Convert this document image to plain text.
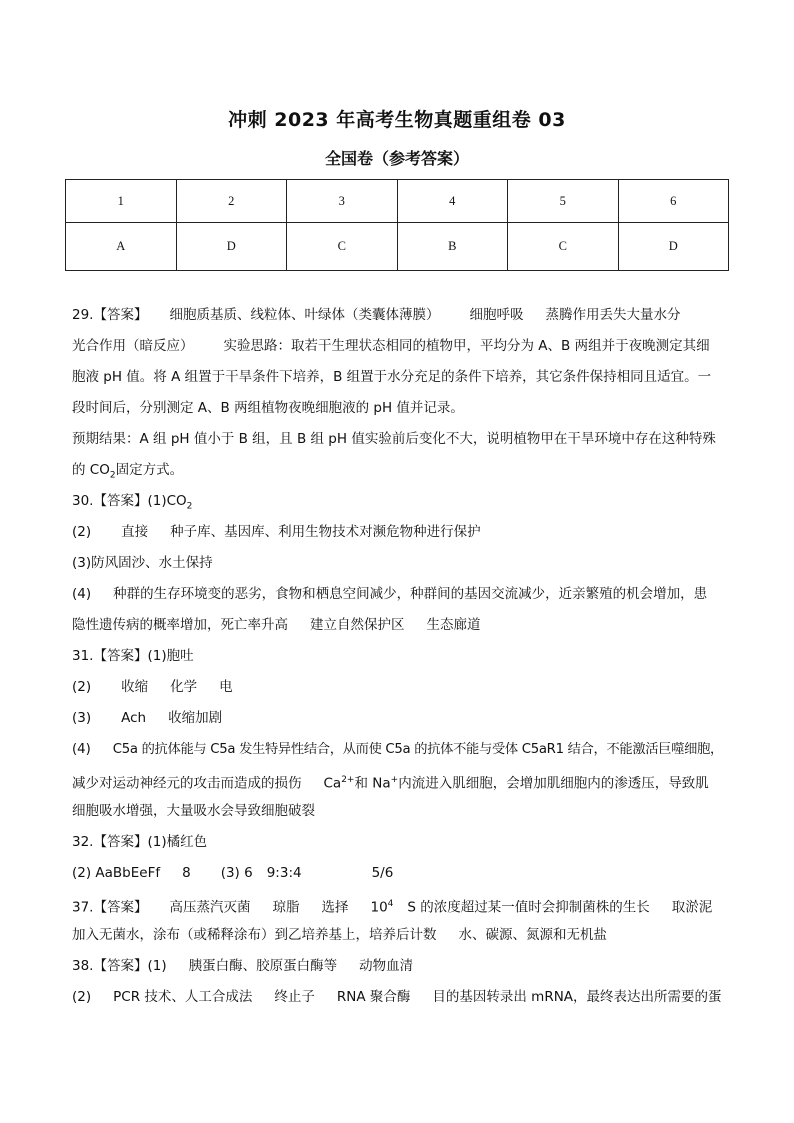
冲刺 2023 年高考生物真题重组卷 03
全国卷（参考答案）
1	2	3	4	5	6
A	D	C	B	C	D
29.【答案】 细胞质基质、线粒体、叶绿体（类囊体薄膜） 细胞呼吸 蒸腾作用丢失大量水分
光合作用（暗反应） 实验思路：取若干生理状态相同的植物甲，平均分为 A、B 两组并于夜晚测定其细
胞液 pH 值。将 A 组置于干旱条件下培养，B 组置于水分充足的条件下培养，其它条件保持相同且适宜。一
段时间后，分别测定 A、B 两组植物夜晚细胞液的 pH 值并记录。
预期结果：A 组 pH 值小于 B 组，且 B 组 pH 值实验前后变化不大，说明植物甲在干旱环境中存在这种特殊
的 $CO_2$固定方式。
30.【答案】$(1)CO_2$
(2) 直接 种子库、基因库、利用生物技术对濒危物种进行保护
(3)防风固沙、水土保持
(4) 种群的生存环境变的恶劣，食物和栖息空间减少，种群间的基因交流减少，近亲繁殖的机会增加，患
隐性遗传病的概率增加，死亡率升高 建立自然保护区 生态廊道
31.【答案】(1)胞吐
(2) 收缩 化学 电
(3) Ach 收缩加剧
(4) C5a 的抗体能与 C5a 发生特异性结合，从而使 C5a 的抗体不能与受体 C5aR1 结合，不能激活巨噬细胞，
减少对运动神经元的攻击而造成的损伤 $Ca^{2+}$和 Na+内流进入肌细胞，会增加肌细胞内的渗透压，导致肌
细胞吸水增强，大量吸水会导致细胞破裂
32.【答案】(1)橘红色
(2) AaBbEeFf 8 (3) 6 9:3:4	5/6
37.【答案】 高压蒸汽灭菌 琼脂 选择 $10^4$ S 的浓度超过某一值时会抑制菌株的生长 取淤泥
加入无菌水，涂布（或稀释涂布）到乙培养基上，培养后计数 水、碳源、氮源和无机盐
38.【答案】(1) 胰蛋白酶、胶原蛋白酶等 动物血清
(2) PCR 技术、人工合成法 终止子 RNA 聚合酶 目的基因转录出 mRNA，最终表达出所需要的蛋
